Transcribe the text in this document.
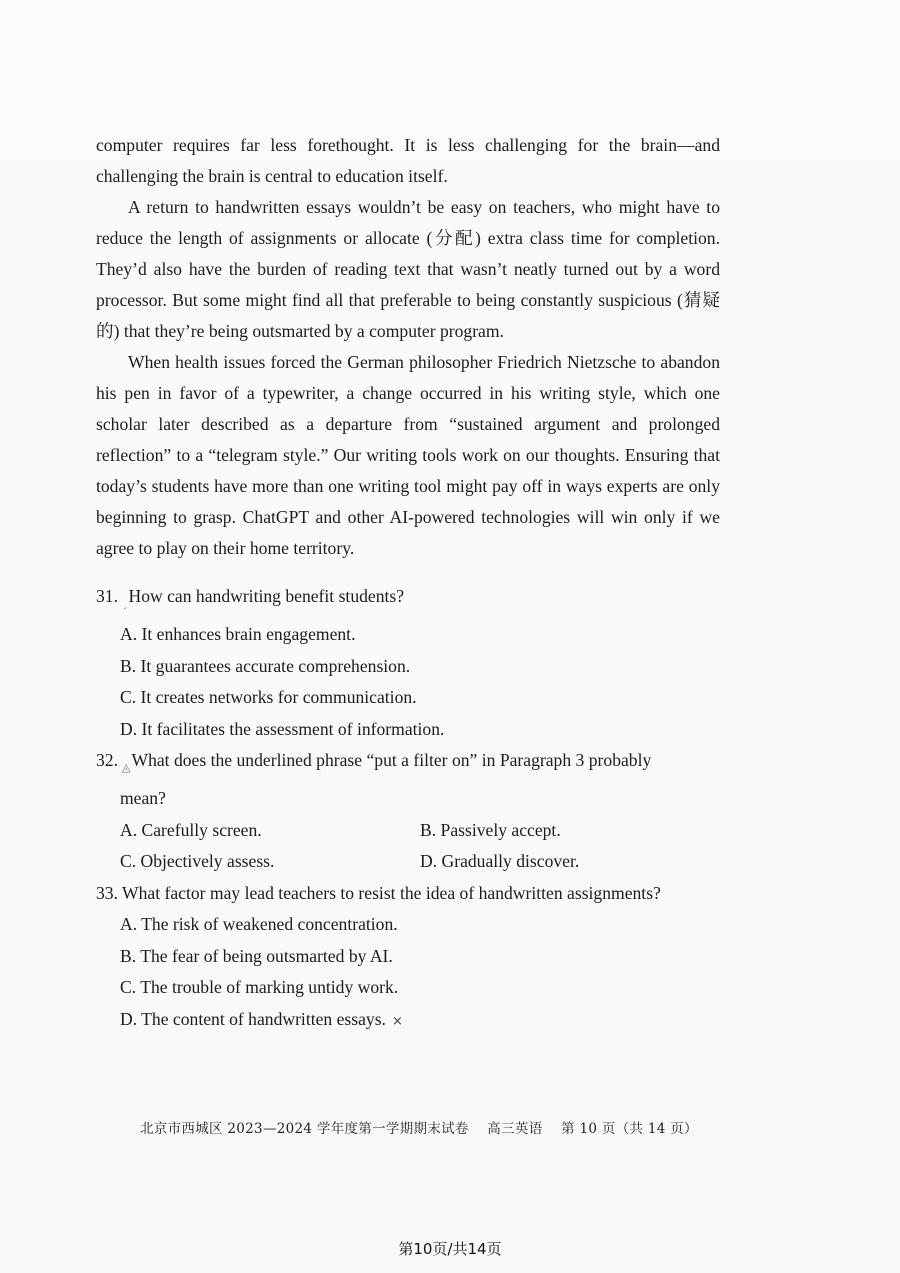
computer requires far less forethought. It is less challenging for the brain—and challenging the brain is central to education itself.

A return to handwritten essays wouldn’t be easy on teachers, who might have to reduce the length of assignments or allocate (分配) extra class time for completion. They’d also have the burden of reading text that wasn’t neatly turned out by a word processor. But some might find all that preferable to being constantly suspicious (猜疑的) that they’re being outsmarted by a computer program.

When health issues forced the German philosopher Friedrich Nietzsche to abandon his pen in favor of a typewriter, a change occurred in his writing style, which one scholar later described as a departure from “sustained argument and prolonged reflection” to a “telegram style.” Our writing tools work on our thoughts. Ensuring that today’s students have more than one writing tool might pay off in ways experts are only beginning to grasp. ChatGPT and other AI-powered technologies will win only if we agree to play on their home territory.

31. $_ˏ$How can handwriting benefit students?
A. It enhances brain engagement.
B. It guarantees accurate comprehension.
C. It creates networks for communication.
D. It facilitates the assessment of information.
32. $_◬$What does the underlined phrase “put a filter on” in Paragraph 3 probably
mean?
A. Carefully screen.	B. Passively accept.
C. Objectively assess.	D. Gradually discover.
33. What factor may lead teachers to resist the idea of handwritten assignments?
A. The risk of weakened concentration.
B. The fear of being outsmarted by AI.
C. The trouble of marking untidy work.
D. The content of handwritten essays. ×
北京市西城区 2023—2024 学年度第一学期期末试卷 高三英语 第 10 页（共 14 页）
第10页/共14页
